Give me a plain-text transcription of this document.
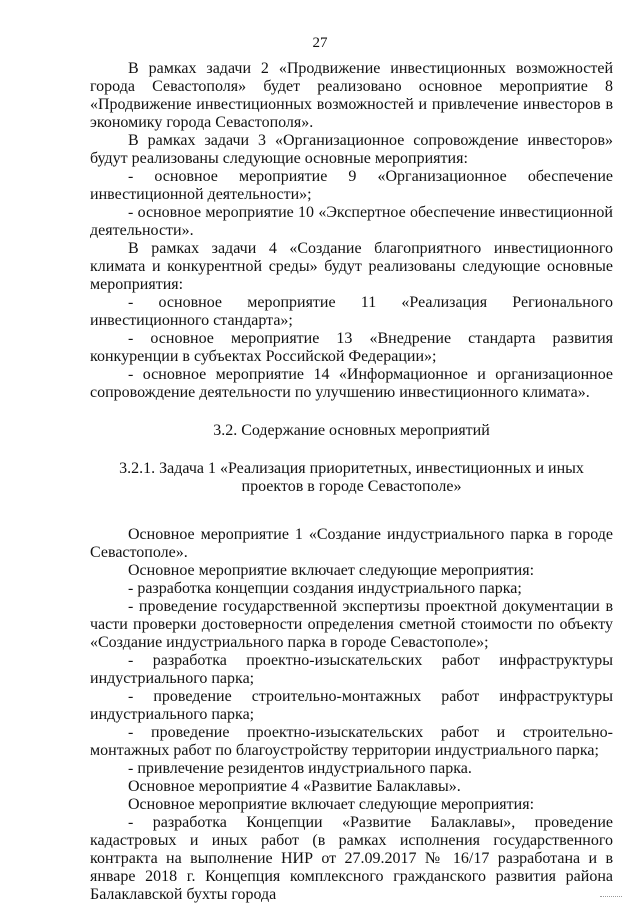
27

В рамках задачи 2 «Продвижение инвестиционных возможностей города Севастополя» будет реализовано основное мероприятие 8 «Продвижение инвестиционных возможностей и привлечение инвесторов в экономику города Севастополя».

В рамках задачи 3 «Организационное сопровождение инвесторов» будут реализованы следующие основные мероприятия:

- основное мероприятие 9 «Организационное обеспечение инвестиционной деятельности»;

- основное мероприятие 10 «Экспертное обеспечение инвестиционной деятельности».

В рамках задачи 4 «Создание благоприятного инвестиционного климата и конкурентной среды» будут реализованы следующие основные мероприятия:

- основное мероприятие 11 «Реализация Регионального инвестиционного стандарта»;

- основное мероприятие 13 «Внедрение стандарта развития конкуренции в субъектах Российской Федерации»;

- основное мероприятие 14 «Информационное и организационное сопровождение деятельности по улучшению инвестиционного климата».

3.2. Содержание основных мероприятий

3.2.1. Задача 1 «Реализация приоритетных, инвестиционных и иных проектов в городе Севастополе»

Основное мероприятие 1 «Создание индустриального парка в городе Севастополе».

Основное мероприятие включает следующие мероприятия:

- разработка концепции создания индустриального парка;

- проведение государственной экспертизы проектной документации в части проверки достоверности определения сметной стоимости по объекту «Создание индустриального парка в городе Севастополе»;

- разработка проектно-изыскательских работ инфраструктуры индустриального парка;

- проведение строительно-монтажных работ инфраструктуры индустриального парка;

- проведение проектно-изыскательских работ и строительно-монтажных работ по благоустройству территории индустриального парка;

- привлечение резидентов индустриального парка.

Основное мероприятие 4 «Развитие Балаклавы».

Основное мероприятие включает следующие мероприятия:

- разработка Концепции «Развитие Балаклавы», проведение кадастровых и иных работ (в рамках исполнения государственного контракта на выполнение НИР от 27.09.2017 № 16/17 разработана и в январе 2018 г. Концепция комплексного гражданского развития района Балаклавской бухты города
